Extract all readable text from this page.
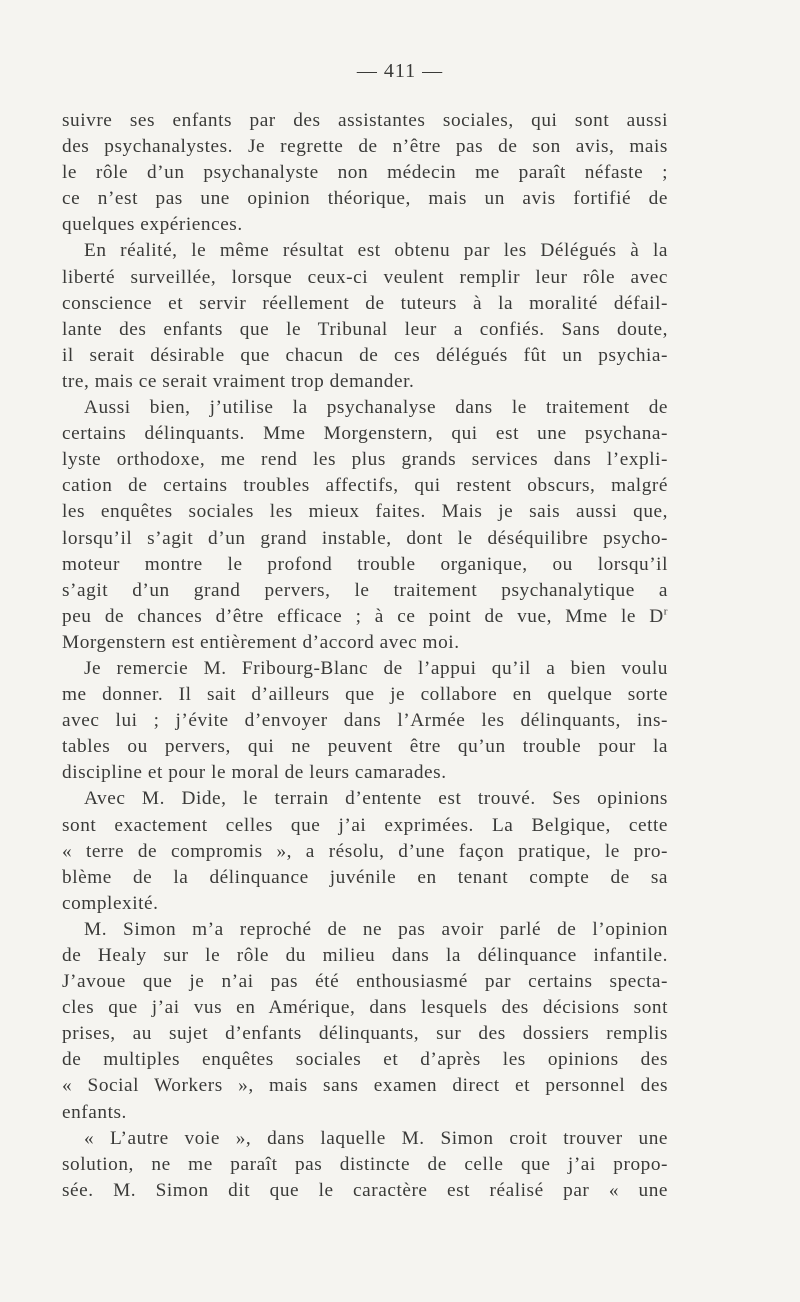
— 411 —

suivre ses enfants par des assistantes sociales, qui sont aussi

des psychanalystes. Je regrette de n’être pas de son avis, mais

le rôle d’un psychanalyste non médecin me paraît néfaste ;

ce n’est pas une opinion théorique, mais un avis fortifié de

quelques expériences.

En réalité, le même résultat est obtenu par les Délégués à la

liberté surveillée, lorsque ceux-ci veulent remplir leur rôle avec

conscience et servir réellement de tuteurs à la moralité défail-

lante des enfants que le Tribunal leur a confiés. Sans doute,

il serait désirable que chacun de ces délégués fût un psychia-

tre, mais ce serait vraiment trop demander.

Aussi bien, j’utilise la psychanalyse dans le traitement de

certains délinquants. Mme Morgenstern, qui est une psychana-

lyste orthodoxe, me rend les plus grands services dans l’expli-

cation de certains troubles affectifs, qui restent obscurs, malgré

les enquêtes sociales les mieux faites. Mais je sais aussi que,

lorsqu’il s’agit d’un grand instable, dont le déséquilibre psycho-

moteur montre le profond trouble organique, ou lorsqu’il

s’agit d’un grand pervers, le traitement psychanalytique a

peu de chances d’être efficace ; à ce point de vue, Mme le $D^r$

Morgenstern est entièrement d’accord avec moi.

Je remercie M. Fribourg-Blanc de l’appui qu’il a bien voulu

me donner. Il sait d’ailleurs que je collabore en quelque sorte

avec lui ; j’évite d’envoyer dans l’Armée les délinquants, ins-

tables ou pervers, qui ne peuvent être qu’un trouble pour la

discipline et pour le moral de leurs camarades.

Avec M. Dide, le terrain d’entente est trouvé. Ses opinions

sont exactement celles que j’ai exprimées. La Belgique, cette

« terre de compromis », a résolu, d’une façon pratique, le pro-

blème de la délinquance juvénile en tenant compte de sa

complexité.

M. Simon m’a reproché de ne pas avoir parlé de l’opinion

de Healy sur le rôle du milieu dans la délinquance infantile.

J’avoue que je n’ai pas été enthousiasmé par certains specta-

cles que j’ai vus en Amérique, dans lesquels des décisions sont

prises, au sujet d’enfants délinquants, sur des dossiers remplis

de multiples enquêtes sociales et d’après les opinions des

« Social Workers », mais sans examen direct et personnel des

enfants.

« L’autre voie », dans laquelle M. Simon croit trouver une

solution, ne me paraît pas distincte de celle que j’ai propo-

sée. M. Simon dit que le caractère est réalisé par « une
